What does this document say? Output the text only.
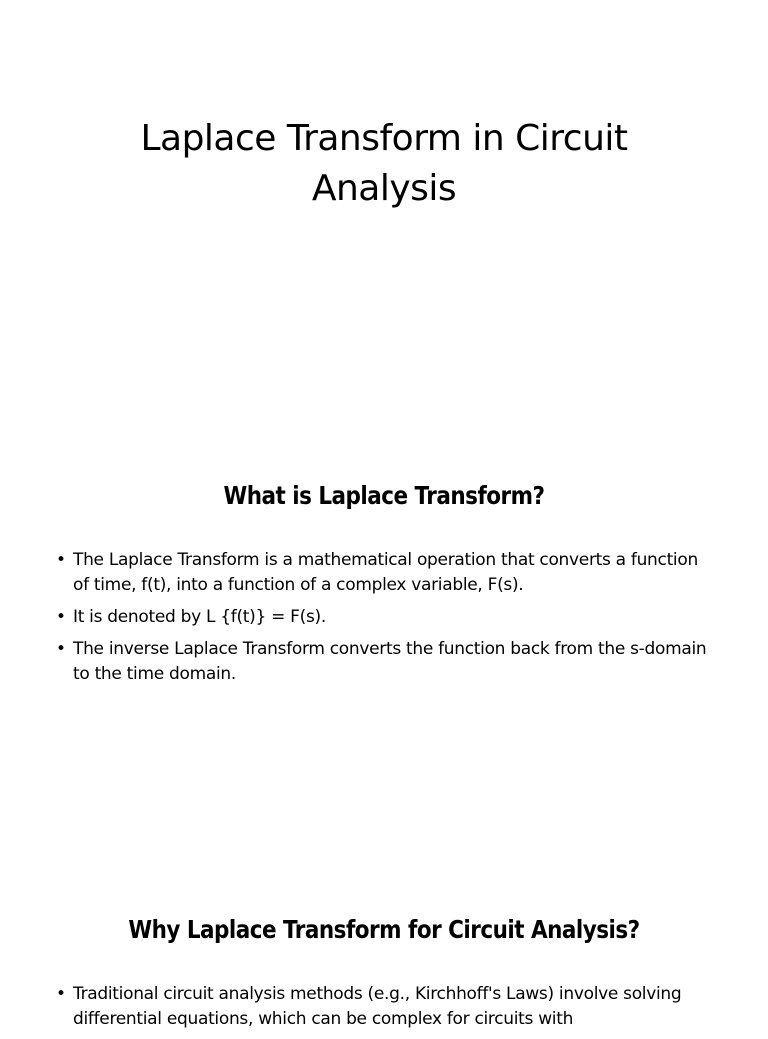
Laplace Transform in Circuit Analysis
What is Laplace Transform?
• The Laplace Transform is a mathematical operation that converts a function of time, f(t), into a function of a complex variable, F(s).
• It is denoted by L {f(t)} = F(s).
• The inverse Laplace Transform converts the function back from the s-domain to the time domain.
Why Laplace Transform for Circuit Analysis?
• Traditional circuit analysis methods (e.g., Kirchhoff's Laws) involve solving differential equations, which can be complex for circuits with
